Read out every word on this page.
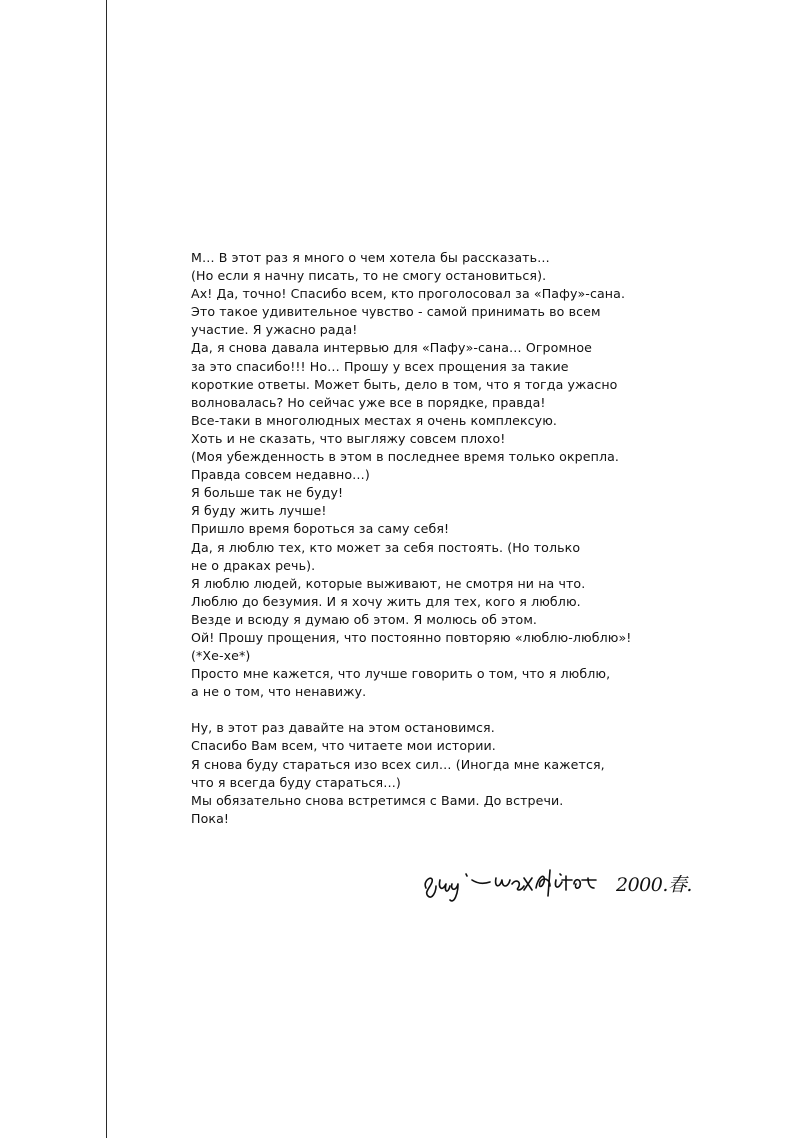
М… В этот раз я много о чем хотела бы рассказать…
(Но если я начну писать, то не смогу остановиться).
Ах! Да, точно! Спасибо всем, кто проголосовал за «Пафу»-сана.
Это такое удивительное чувство - самой принимать во всем
участие. Я ужасно рада!
Да, я снова давала интервью для «Пафу»-сана… Огромное
за это спасибо!!! Но… Прошу у всех прощения за такие
короткие ответы. Может быть, дело в том, что я тогда ужасно
волновалась? Но сейчас уже все в порядке, правда!
Все-таки в многолюдных местах я очень комплексую.
Хоть и не сказать, что выгляжу совсем плохо!
(Моя убежденность в этом в последнее время только окрепла.
Правда совсем недавно…)
Я больше так не буду!
Я буду жить лучше!
Пришло время бороться за саму себя!
Да, я люблю тех, кто может за себя постоять. (Но только
не о драках речь).
Я люблю людей, которые выживают, не смотря ни на что.
Люблю до безумия. И я хочу жить для тех, кого я люблю.
Везде и всюду я думаю об этом. Я молюсь об этом.
Ой! Прошу прощения, что постоянно повторяю «люблю-люблю»!
(*Хе-хе*)
Просто мне кажется, что лучше говорить о том, что я люблю,
а не о том, что ненавижу.
Ну, в этот раз давайте на этом остановимся.
Спасибо Вам всем, что читаете мои истории.
Я снова буду стараться изо всех сил… (Иногда мне кажется,
что я всегда буду стараться…)
Мы обязательно снова встретимся с Вами. До встречи.
Пока!
2000.春.
